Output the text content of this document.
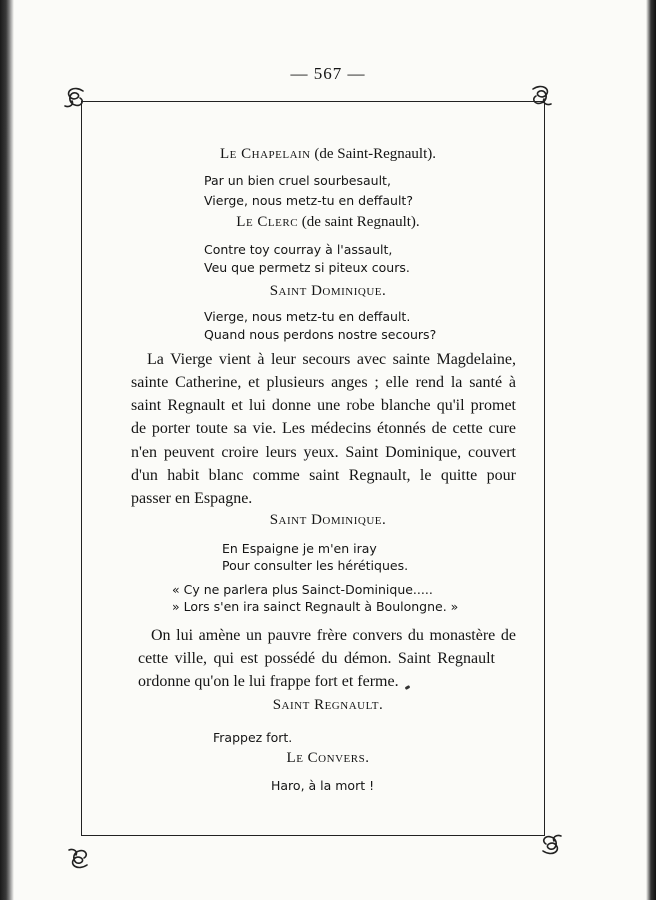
— 567 —
Le Chapelain (de Saint-Regnault).
Par un bien cruel sourbesault,
Vierge, nous metz-tu en deffault?
Le Clerc (de saint Regnault).
Contre toy courray à l'assault,
Veu que permetz si piteux cours.
Saint Dominique.
Vierge, nous metz-tu en deffault.
Quand nous perdons nostre secours?
La Vierge vient à leur secours avec sainte Magdelaine,
sainte Catherine, et plusieurs anges ; elle rend la santé à
saint Regnault et lui donne une robe blanche qu'il promet
de porter toute sa vie. Les médecins étonnés de cette cure
n'en peuvent croire leurs yeux. Saint Dominique, couvert
d'un habit blanc comme saint Regnault, le quitte pour
passer en Espagne.
Saint Dominique.
En Espaigne je m'en iray
Pour consulter les hérétiques.
« Cy ne parlera plus Sainct-Dominique.....
» Lors s'en ira sainct Regnault à Boulongne. »
On lui amène un pauvre frère convers du monastère de
cette ville, qui est possédé du démon. Saint Regnault
ordonne qu'on le lui frappe fort et ferme.
Saint Regnault.
Frappez fort.
Le Convers.
Haro, à la mort !
